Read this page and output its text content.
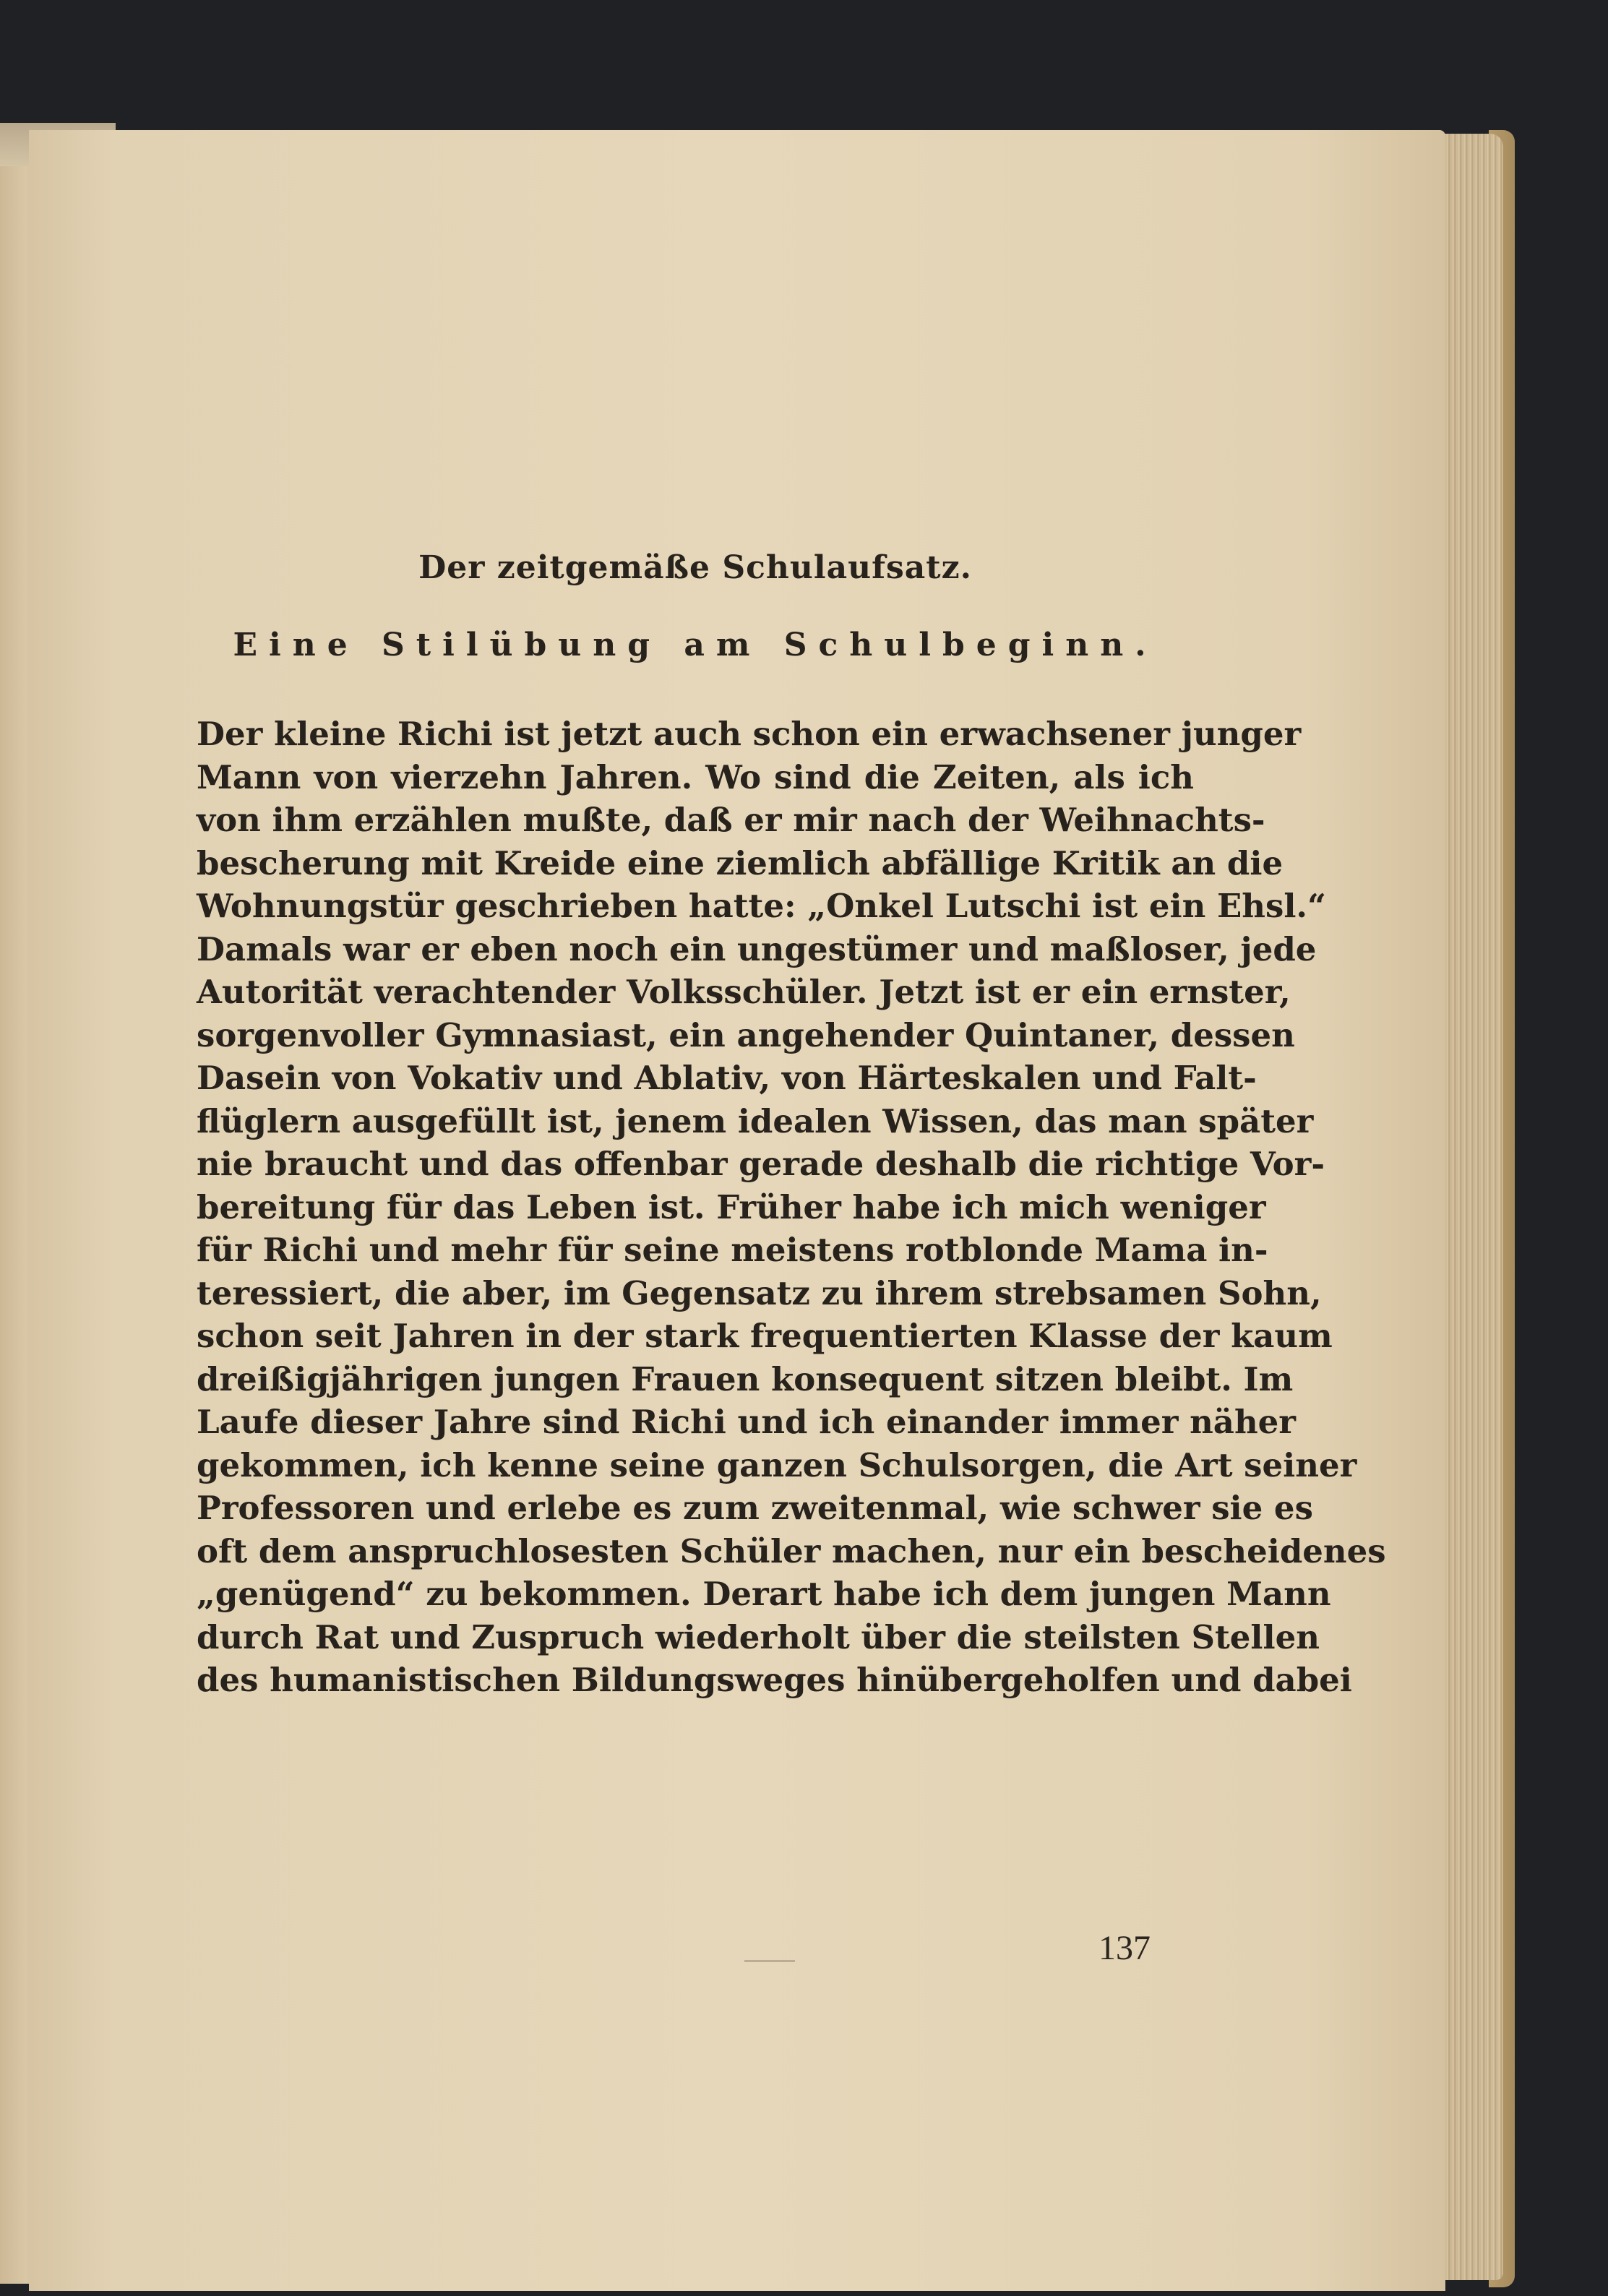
Der zeitgemäße Schulaufsatz.
Eine Stilübung am Schulbeginn.
Der kleine Richi ist jetzt auch schon ein erwachsener junger
Mann von vierzehn Jahren. Wo sind die Zeiten, als ich
von ihm erzählen mußte, daß er mir nach der Weihnachts-
bescherung mit Kreide eine ziemlich abfällige Kritik an die
Wohnungstür geschrieben hatte: „Onkel Lutschi ist ein Ehsl.“
Damals war er eben noch ein ungestümer und maßloser, jede
Autorität verachtender Volksschüler. Jetzt ist er ein ernster,
sorgenvoller Gymnasiast, ein angehender Quintaner, dessen
Dasein von Vokativ und Ablativ, von Härteskalen und Falt-
flüglern ausgefüllt ist, jenem idealen Wissen, das man später
nie braucht und das offenbar gerade deshalb die richtige Vor-
bereitung für das Leben ist. Früher habe ich mich weniger
für Richi und mehr für seine meistens rotblonde Mama in-
teressiert, die aber, im Gegensatz zu ihrem strebsamen Sohn,
schon seit Jahren in der stark frequentierten Klasse der kaum
dreißigjährigen jungen Frauen konsequent sitzen bleibt. Im
Laufe dieser Jahre sind Richi und ich einander immer näher
gekommen, ich kenne seine ganzen Schulsorgen, die Art seiner
Professoren und erlebe es zum zweitenmal, wie schwer sie es
oft dem anspruchlosesten Schüler machen, nur ein bescheidenes
„genügend“ zu bekommen. Derart habe ich dem jungen Mann
durch Rat und Zuspruch wiederholt über die steilsten Stellen
des humanistischen Bildungsweges hinübergeholfen und dabei
137
